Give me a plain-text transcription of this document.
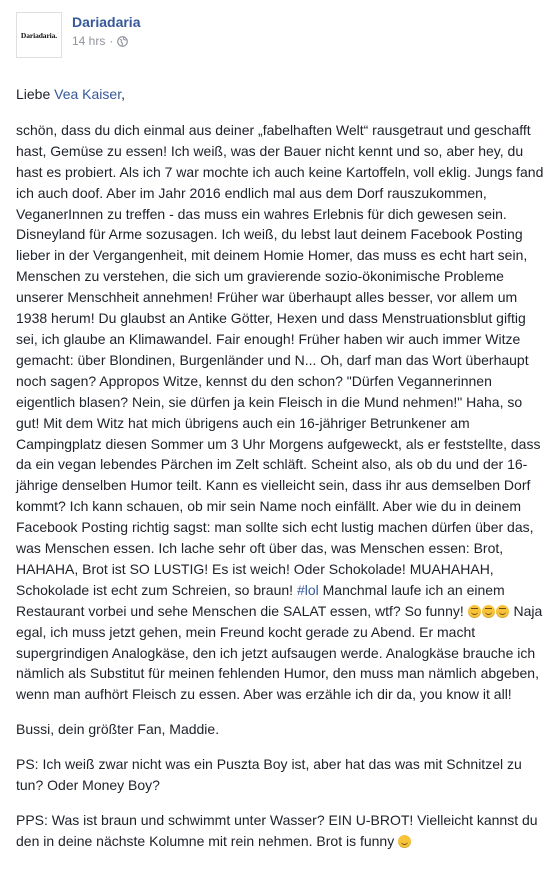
Dariadaria.
Dariadaria
14 hrs ·

Liebe Vea Kaiser,

schön, dass du dich einmal aus deiner „fabelhaften Welt“ rausgetraut und geschafft hast, Gemüse zu essen! Ich weiß, was der Bauer nicht kennt und so, aber hey, du hast es probiert. Als ich 7 war mochte ich auch keine Kartoffeln, voll eklig. Jungs fand ich auch doof. Aber im Jahr 2016 endlich mal aus dem Dorf rauszukommen, VeganerInnen zu treffen - das muss ein wahres Erlebnis für dich gewesen sein. Disneyland für Arme sozusagen. Ich weiß, du lebst laut deinem Facebook Posting lieber in der Vergangenheit, mit deinem Homie Homer, das muss es echt hart sein, Menschen zu verstehen, die sich um gravierende sozio-ökonimische Probleme unserer Menschheit annehmen! Früher war überhaupt alles besser, vor allem um 1938 herum! Du glaubst an Antike Götter, Hexen und dass Menstruationsblut giftig sei, ich glaube an Klimawandel. Fair enough! Früher haben wir auch immer Witze gemacht: über Blondinen, Burgenländer und N... Oh, darf man das Wort überhaupt noch sagen? Appropos Witze, kennst du den schon? "Dürfen Vegannerinnen eigentlich blasen? Nein, sie dürfen ja kein Fleisch in die Mund nehmen!" Haha, so gut! Mit dem Witz hat mich übrigens auch ein 16-jähriger Betrunkener am Campingplatz diesen Sommer um 3 Uhr Morgens aufgeweckt, als er feststellte, dass da ein vegan lebendes Pärchen im Zelt schläft. Scheint also, als ob du und der 16-jährige denselben Humor teilt. Kann es vielleicht sein, dass ihr aus demselben Dorf kommt? Ich kann schauen, ob mir sein Name noch einfällt. Aber wie du in deinem Facebook Posting richtig sagst: man sollte sich echt lustig machen dürfen über das, was Menschen essen. Ich lache sehr oft über das, was Menschen essen: Brot, HAHAHA, Brot ist SO LUSTIG! Es ist weich! Oder Schokolade! MUAHAHAH, Schokolade ist echt zum Schreien, so braun! #lol Manchmal laufe ich an einem Restaurant vorbei und sehe Menschen die SALAT essen, wtf? So funny!	Naja egal, ich muss jetzt gehen, mein Freund kocht gerade zu Abend. Er macht supergrindigen Analogkäse, den ich jetzt aufsaugen werde. Analogkäse brauche ich nämlich als Substitut für meinen fehlenden Humor, den muss man nämlich abgeben, wenn man aufhört Fleisch zu essen. Aber was erzähle ich dir da, you know it all!

Bussi, dein größter Fan, Maddie.

PS: Ich weiß zwar nicht was ein Puszta Boy ist, aber hat das was mit Schnitzel zu tun? Oder Money Boy?

PPS: Was ist braun und schwimmt unter Wasser? EIN U-BROT! Vielleicht kannst du den in deine nächste Kolumne mit rein nehmen. Brot is funny
